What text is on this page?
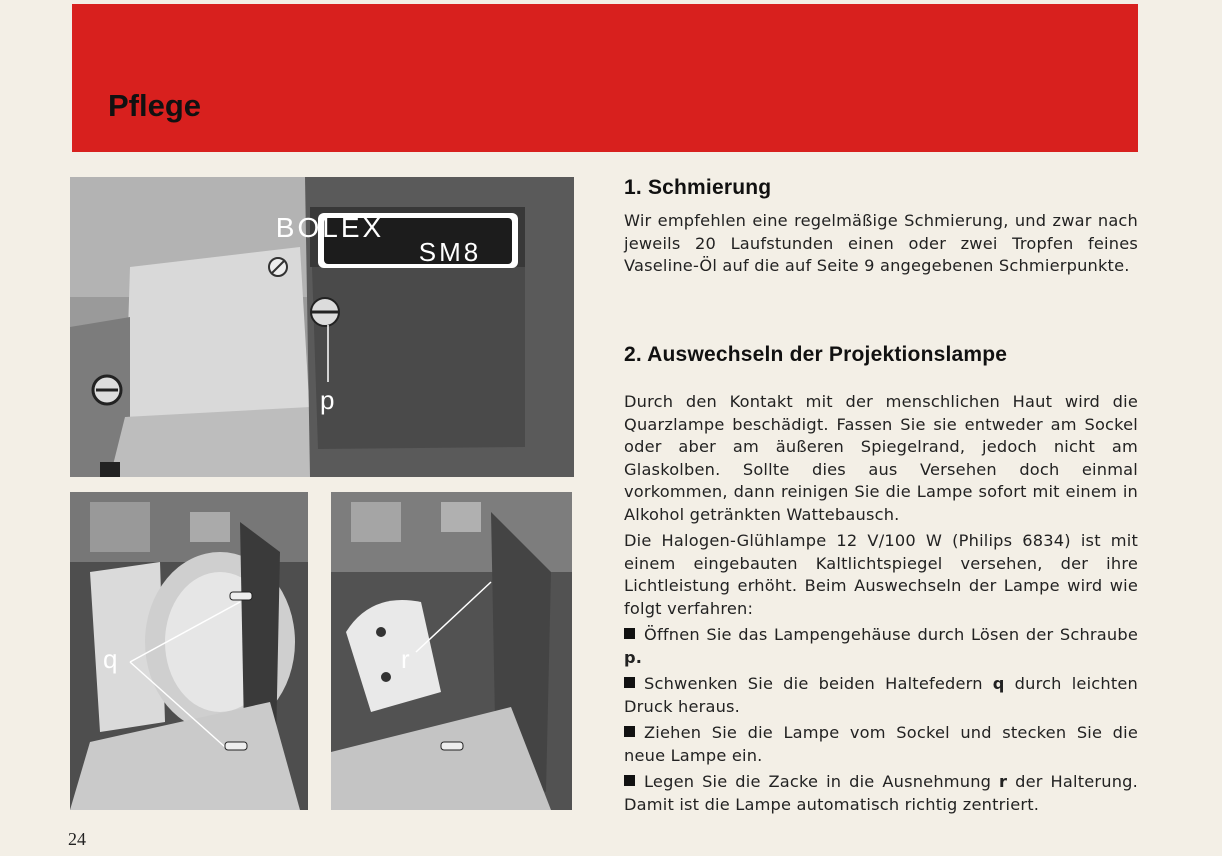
Pflege
BOLEX
SM8
p
q	r
1. Schmierung

Wir empfehlen eine regelmäßige Schmierung, und zwar nach jeweils 20 Laufstunden einen oder zwei Tropfen feines Vaseline-Öl auf die auf Seite 9 angegebenen Schmierpunkte.

2. Auswechseln der Projektionslampe

Durch den Kontakt mit der menschlichen Haut wird die Quarzlampe beschädigt. Fassen Sie sie entweder am Sockel oder aber am äußeren Spiegelrand, jedoch nicht am Glaskolben. Sollte dies aus Versehen doch einmal vorkommen, dann reinigen Sie die Lampe sofort mit einem in Alkohol getränkten Wattebausch.

Die Halogen-Glühlampe 12 V/100 W (Philips 6834) ist mit einem eingebauten Kaltlichtspiegel versehen, der ihre Lichtleistung erhöht. Beim Auswechseln der Lampe wird wie folgt verfahren:

Öffnen Sie das Lampengehäuse durch Lösen der Schraube p.

Schwenken Sie die beiden Haltefedern q durch leichten Druck heraus.

Ziehen Sie die Lampe vom Sockel und stecken Sie die neue Lampe ein.

Legen Sie die Zacke in die Ausnehmung r der Halterung. Damit ist die Lampe automatisch richtig zentriert.

24
